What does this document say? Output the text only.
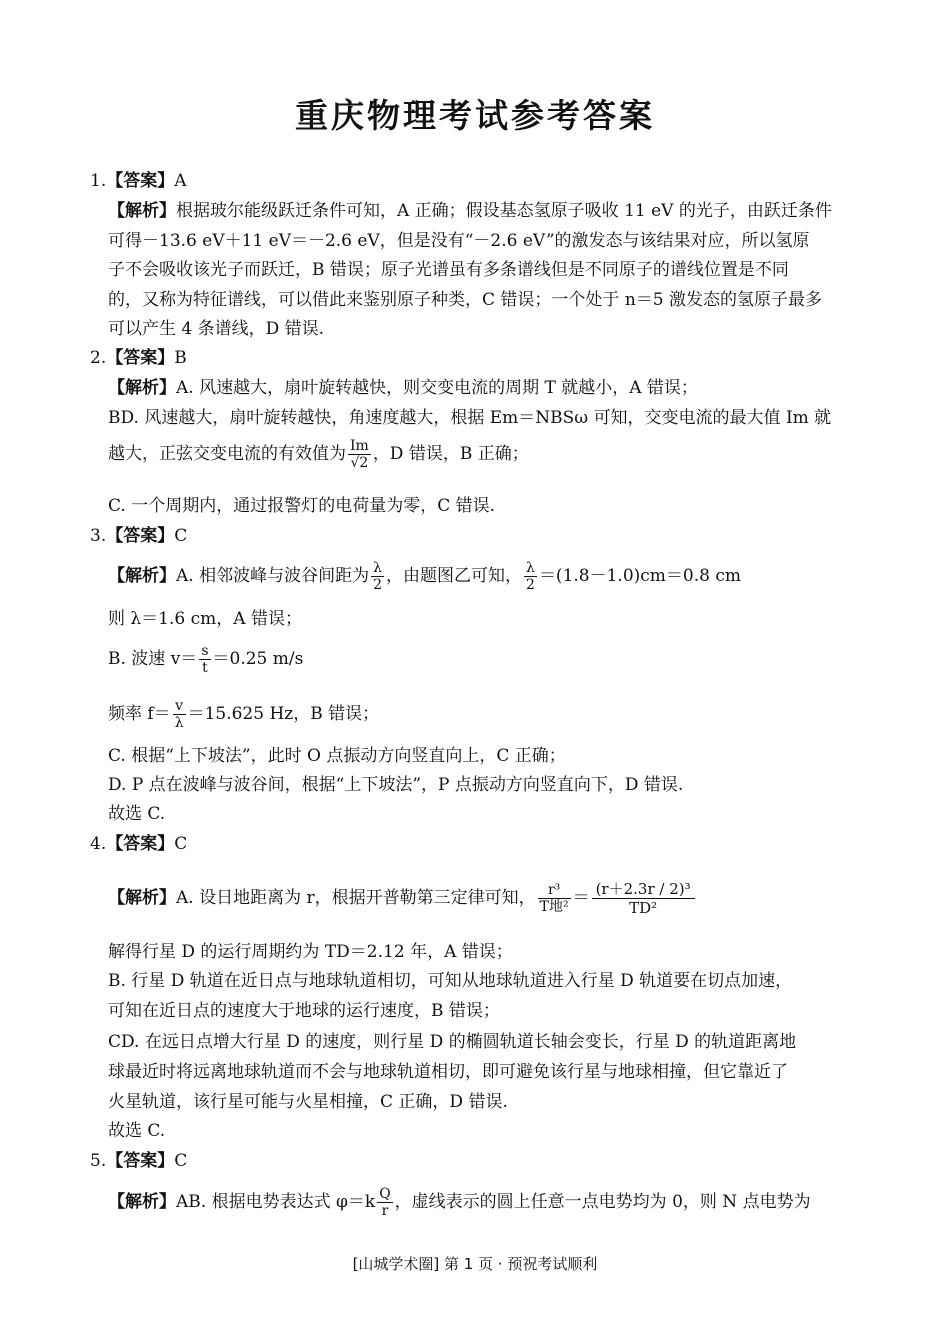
重庆物理考试参考答案
1.【答案】A
【解析】根据玻尔能级跃迁条件可知，A 正确；假设基态氢原子吸收 11 eV 的光子，由跃迁条件
可得－13.6 eV＋11 eV＝－2.6 eV，但是没有“－2.6 eV”的激发态与该结果对应，所以氢原
子不会吸收该光子而跃迁，B 错误；原子光谱虽有多条谱线但是不同原子的谱线位置是不同
的，又称为特征谱线，可以借此来鉴别原子种类，C 错误；一个处于 n＝5 激发态的氢原子最多
可以产生 4 条谱线，D 错误.
2.【答案】B
【解析】A. 风速越大，扇叶旋转越快，则交变电流的周期 T 就越小，A 错误；
BD. 风速越大，扇叶旋转越快，角速度越大，根据 Em＝NBSω 可知，交变电流的最大值 Im 就
越大，正弦交变电流的有效值为 $\frac{Im}{√2}$ ，D 错误，B 正确；
C. 一个周期内，通过报警灯的电荷量为零，C 错误.
3.【答案】C
【解析】A. 相邻波峰与波谷间距为 $\frac{\lambda}{2}$ ，由题图乙可知， $\frac{\lambda}{2} =(1.8-1.0)cm=0.8$ cm
则 λ＝1.6 cm，A 错误；
B. 波速 $v= \frac{s}{t} =0.25$ m/s
频率 $f= \frac{v}{\lambda} =15.625$ Hz，B 错误；
C. 根据“上下坡法”，此时 O 点振动方向竖直向上，C 正确；
D. P 点在波峰与波谷间，根据“上下坡法”，P 点振动方向竖直向下，D 错误.
故选 C.
4.【答案】C
【解析】A. 设日地距离为 r，根据开普勒第三定律可知， $\frac{\text{r³}}{\text{T地²}} = \frac{\text{(r＋2.3r / 2)³}}{\text{TD²}}$
解得行星 D 的运行周期约为 TD＝2.12 年，A 错误；
B. 行星 D 轨道在近日点与地球轨道相切，可知从地球轨道进入行星 D 轨道要在切点加速，
可知在近日点的速度大于地球的运行速度，B 错误；
CD. 在远日点增大行星 D 的速度，则行星 D 的椭圆轨道长轴会变长，行星 D 的轨道距离地
球最近时将远离地球轨道而不会与地球轨道相切，即可避免该行星与地球相撞，但它靠近了
火星轨道，该行星可能与火星相撞，C 正确，D 错误.
故选 C.
5.【答案】C
【解析】AB. 根据电势表达式 $\varphi=k \frac{Q}{r}$ ，虚线表示的圆上任意一点电势均为 0，则 N 点电势为
[山城学术圈] 第 1 页 · 预祝考试顺利
